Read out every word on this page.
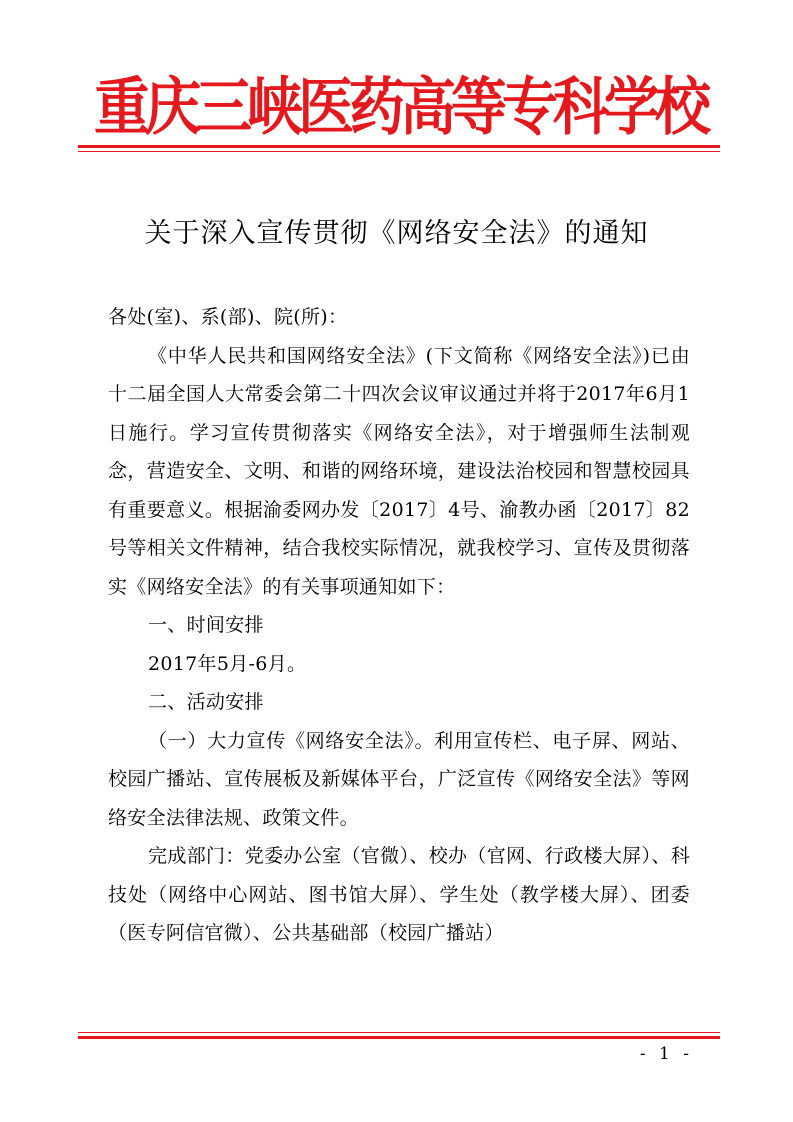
重庆三峡医药高等专科学校
关于深入宣传贯彻《网络安全法》的通知

各处(室)、系(部)、院(所)：

《中华人民共和国网络安全法》(下文简称《网络安全法》)已由十二届全国人大常委会第二十四次会议审议通过并将于2017年6月1日施行。学习宣传贯彻落实《网络安全法》，对于增强师生法制观念，营造安全、文明、和谐的网络环境，建设法治校园和智慧校园具有重要意义。根据渝委网办发〔2017〕4号、渝教办函〔2017〕82号等相关文件精神，结合我校实际情况，就我校学习、宣传及贯彻落实《网络安全法》的有关事项通知如下：

一、时间安排

2017年5月-6月。

二、活动安排

（一）大力宣传《网络安全法》。利用宣传栏、电子屏、网站、校园广播站、宣传展板及新媒体平台，广泛宣传《网络安全法》等网络安全法律法规、政策文件。

完成部门：党委办公室（官微）、校办（官网、行政楼大屏）、科技处（网络中心网站、图书馆大屏）、学生处（教学楼大屏）、团委（医专阿信官微）、公共基础部（校园广播站）

- 1 -
